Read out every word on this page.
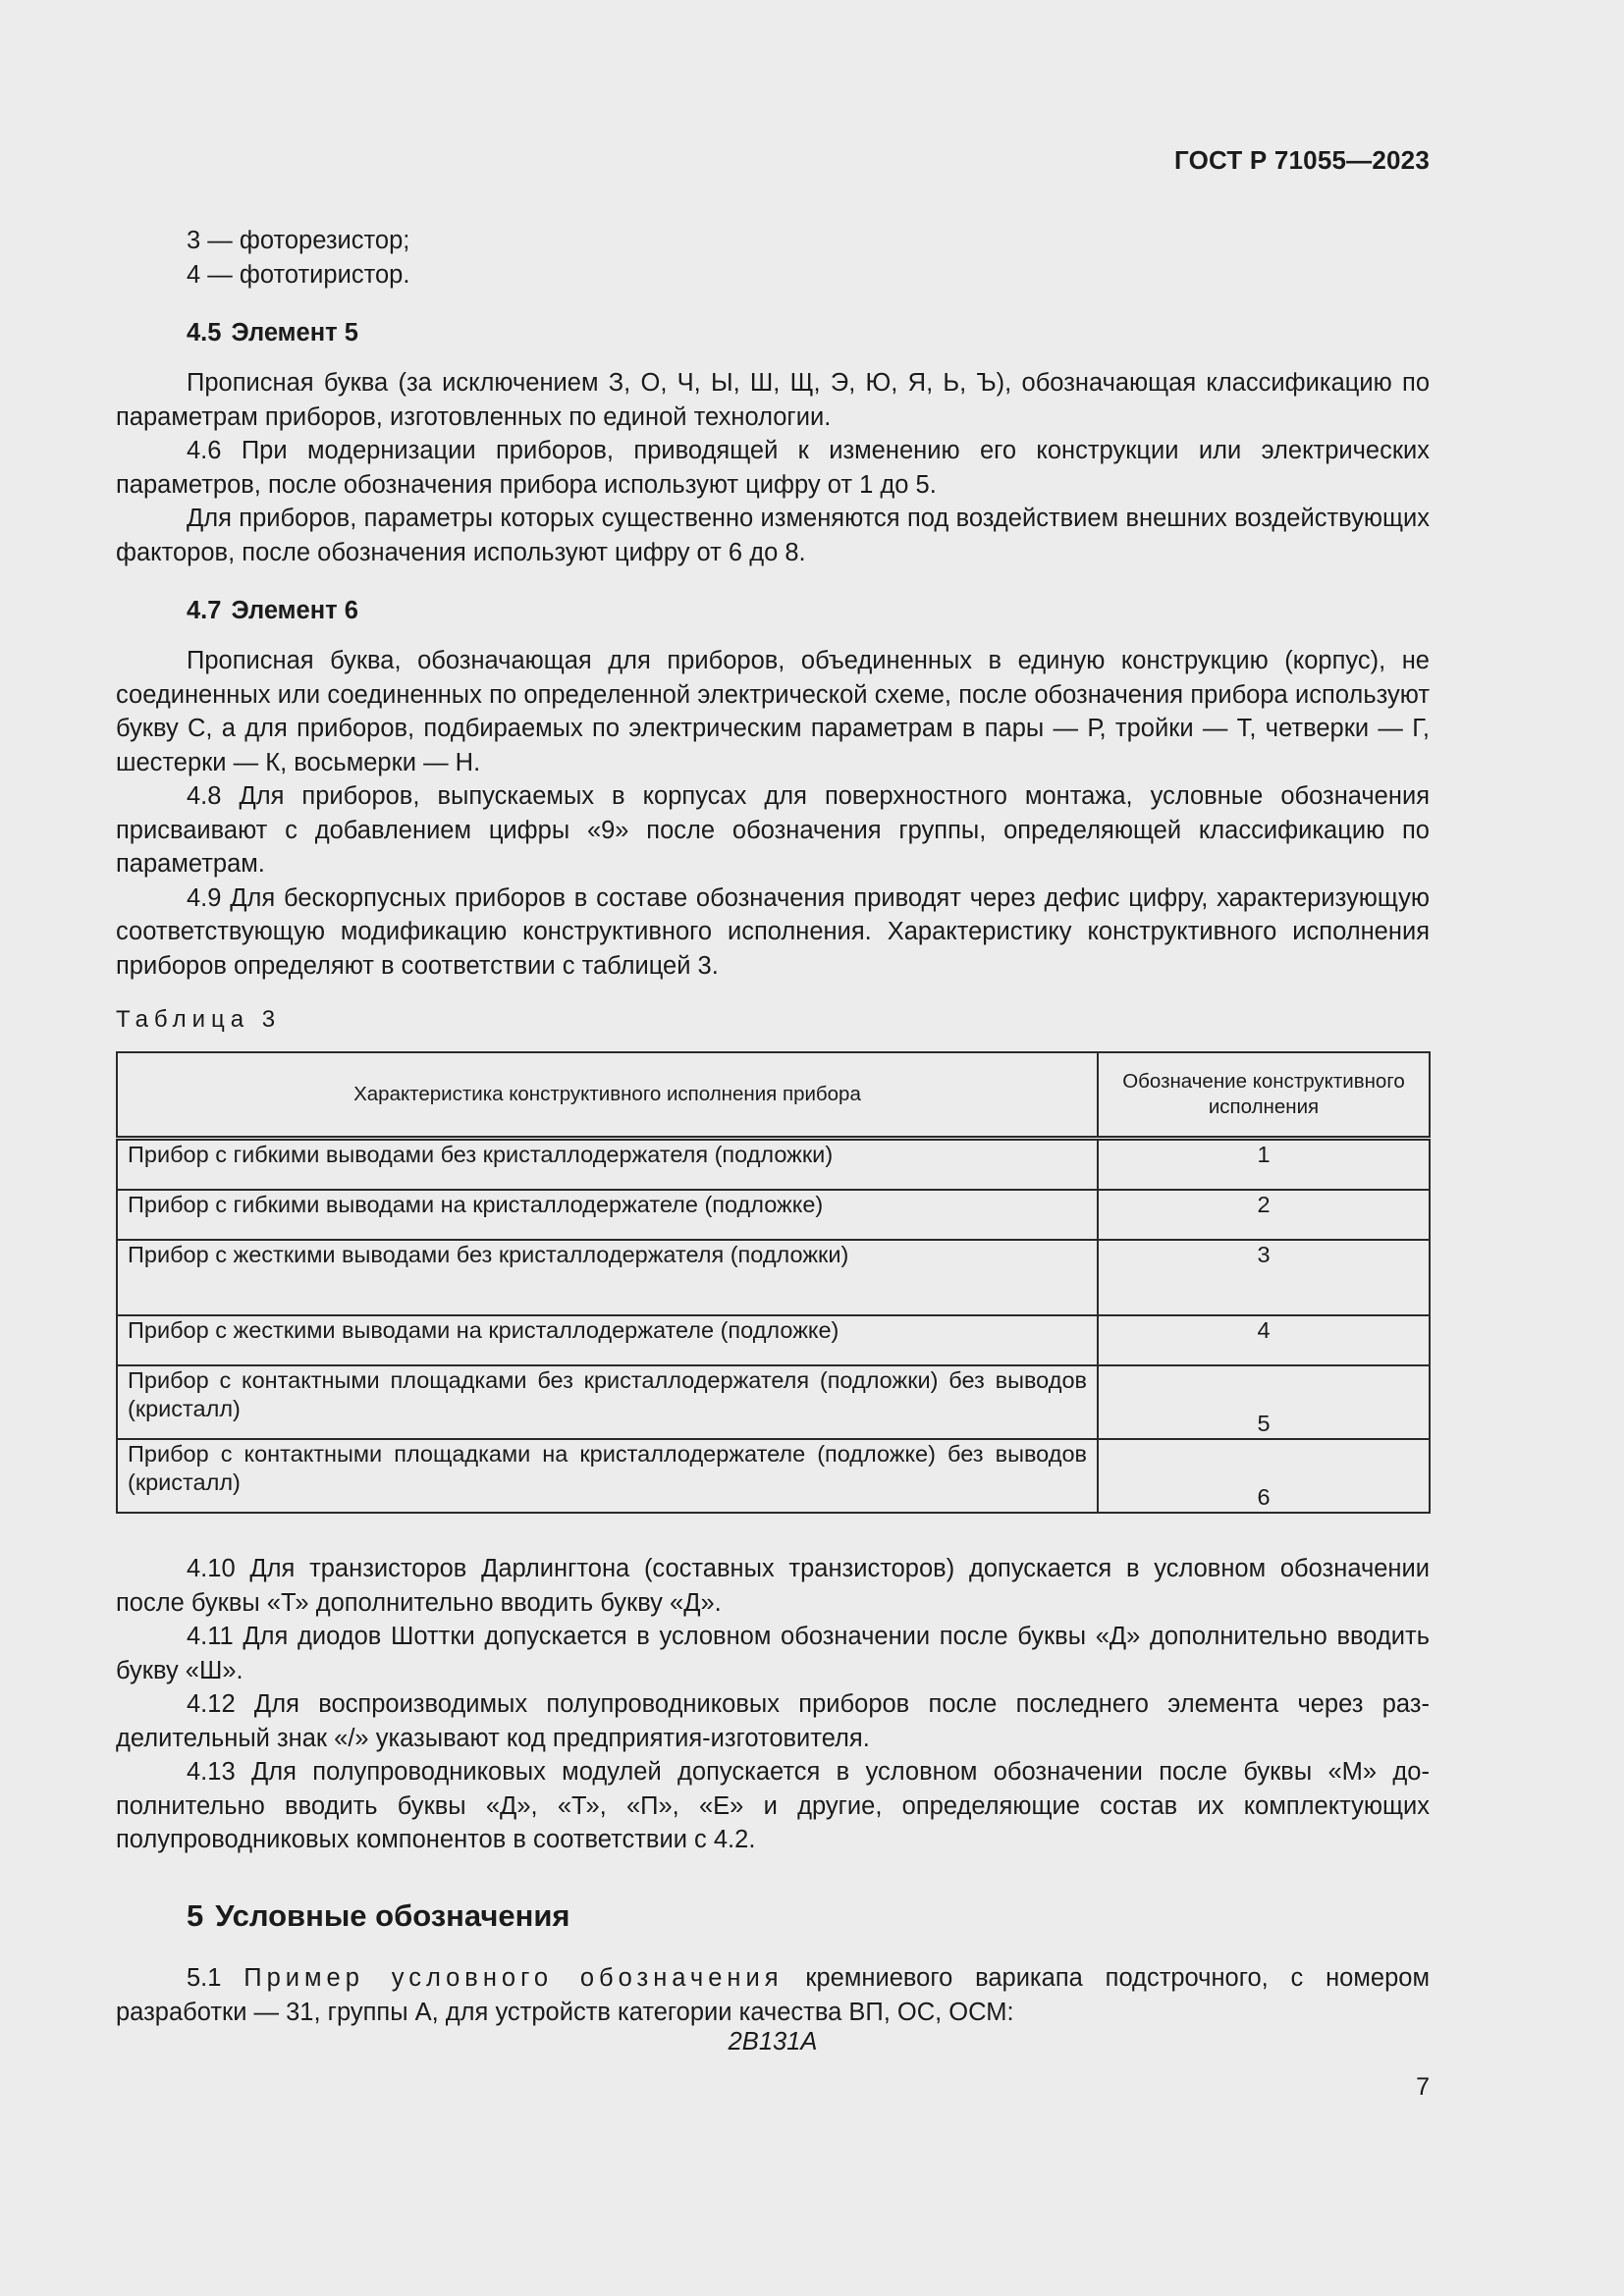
ГОСТ Р 71055—2023

3 — фоторезистор;

4 — фототиристор.

4.5 Элемент 5

Прописная буква (за исключением З, О, Ч, Ы, Ш, Щ, Э, Ю, Я, Ь, Ъ), обозначающая классификацию по параметрам приборов, изготовленных по единой технологии.

4.6 При модернизации приборов, приводящей к изменению его конструкции или электрических параметров, после обозначения прибора используют цифру от 1 до 5.

Для приборов, параметры которых существенно изменяются под воздействием внешних воздействующих факторов, после обозначения используют цифру от 6 до 8.

4.7 Элемент 6

Прописная буква, обозначающая для приборов, объединенных в единую конструкцию (корпус), не соединенных или соединенных по определенной электрической схеме, после обозначения прибора используют букву С, а для приборов, подбираемых по электрическим параметрам в пары — Р, тройки — Т, четверки — Г, шестерки — К, восьмерки — Н.

4.8 Для приборов, выпускаемых в корпусах для поверхностного монтажа, условные обозначения присваивают с добавлением цифры «9» после обозначения группы, определяющей классификацию по параметрам.

4.9 Для бескорпусных приборов в составе обозначения приводят через дефис цифру, характеризующую соответствующую модификацию конструктивного исполнения. Характеристику конструктивного исполнения приборов определяют в соответствии с таблицей 3.

Таблица 3
Характеристика конструктивного исполнения прибора	Обозначение конструктивного исполнения
Прибор с гибкими выводами без кристаллодержателя (подложки)	1
Прибор с гибкими выводами на кристаллодержателе (подложке)	2
Прибор с жесткими выводами без кристаллодержателя (подложки)	3
Прибор с жесткими выводами на кристаллодержателе (подложке)	4
Прибор с контактными площадками без кристаллодержателя (подложки) без выводов (кристалл)	5
Прибор с контактными площадками на кристаллодержателе (подложке) без выводов (кристалл)	6

4.10 Для транзисторов Дарлингтона (составных транзисторов) допускается в условном обозначении после буквы «Т» дополнительно вводить букву «Д».

4.11 Для диодов Шоттки допускается в условном обозначении после буквы «Д» дополнительно вводить букву «Ш».

4.12 Для воспроизводимых полупроводниковых приборов после последнего элемента через разделительный знак «/» указывают код предприятия-изготовителя.

4.13 Для полупроводниковых модулей допускается в условном обозначении после буквы «М» дополнительно вводить буквы «Д», «Т», «П», «Е» и другие, определяющие состав их комплектующих полупроводниковых компонентов в соответствии с 4.2.

5 Условные обозначения

5.1 Пример условного обозначения кремниевого варикапа подстрочного, с номером разработки — 31, группы А, для устройств категории качества ВП, ОС, ОСМ:

2В131А
7
